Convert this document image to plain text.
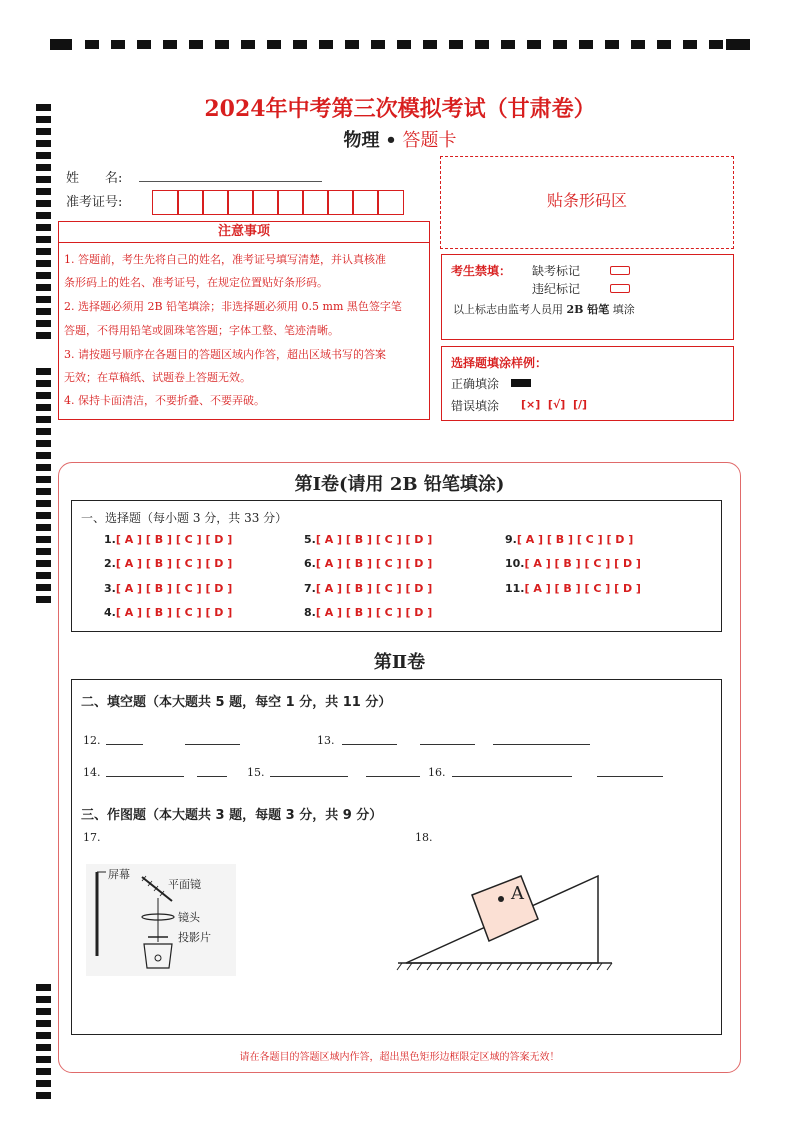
2024年中考第三次模拟考试（甘肃卷）
物理 • 答题卡
姓　　名:
准考证号:	贴条形码区
注意事项
1. 答题前，考生先将自己的姓名，准考证号填写清楚，并认真核准
条形码上的姓名、准考证号，在规定位置贴好条形码。
2. 选择题必须用 2B 铅笔填涂；非选择题必须用 0.5 mm 黑色签字笔
答题，不得用铅笔或圆珠笔答题；字体工整、笔迹清晰。
3. 请按题号顺序在各题目的答题区域内作答，超出区域书写的答案
无效；在草稿纸、试题卷上答题无效。
4. 保持卡面清洁，不要折叠、不要弄破。
考生禁填： 缺考标记
违纪标记
以上标志由监考人员用 2B 铅笔 填涂
选择题填涂样例：
正确填涂
错误填涂 [×]  [√]  [/]
第Ⅰ卷(请用 2B 铅笔填涂)
一、选择题（每小题 3 分，共 33 分）
1.[ A ] [ B ] [ C ] [ D ]
2.[ A ] [ B ] [ C ] [ D ]
3.[ A ] [ B ] [ C ] [ D ]
4.[ A ] [ B ] [ C ] [ D ]
5.[ A ] [ B ] [ C ] [ D ]
6.[ A ] [ B ] [ C ] [ D ]
7.[ A ] [ B ] [ C ] [ D ]
8.[ A ] [ B ] [ C ] [ D ]
9.[ A ] [ B ] [ C ] [ D ]
10.[ A ] [ B ] [ C ] [ D ]
11.[ A ] [ B ] [ C ] [ D ]
第Ⅱ卷
二、填空题（本大题共 5 题，每空 1 分，共 11 分）
12.	13.
14.	15.	16.
三、作图题（本大题共 3 题，每题 3 分，共 9 分）
17.	18.
屏幕
平面镜
镜头
投影片
A
请在各题目的答题区域内作答，超出黑色矩形边框限定区域的答案无效！
